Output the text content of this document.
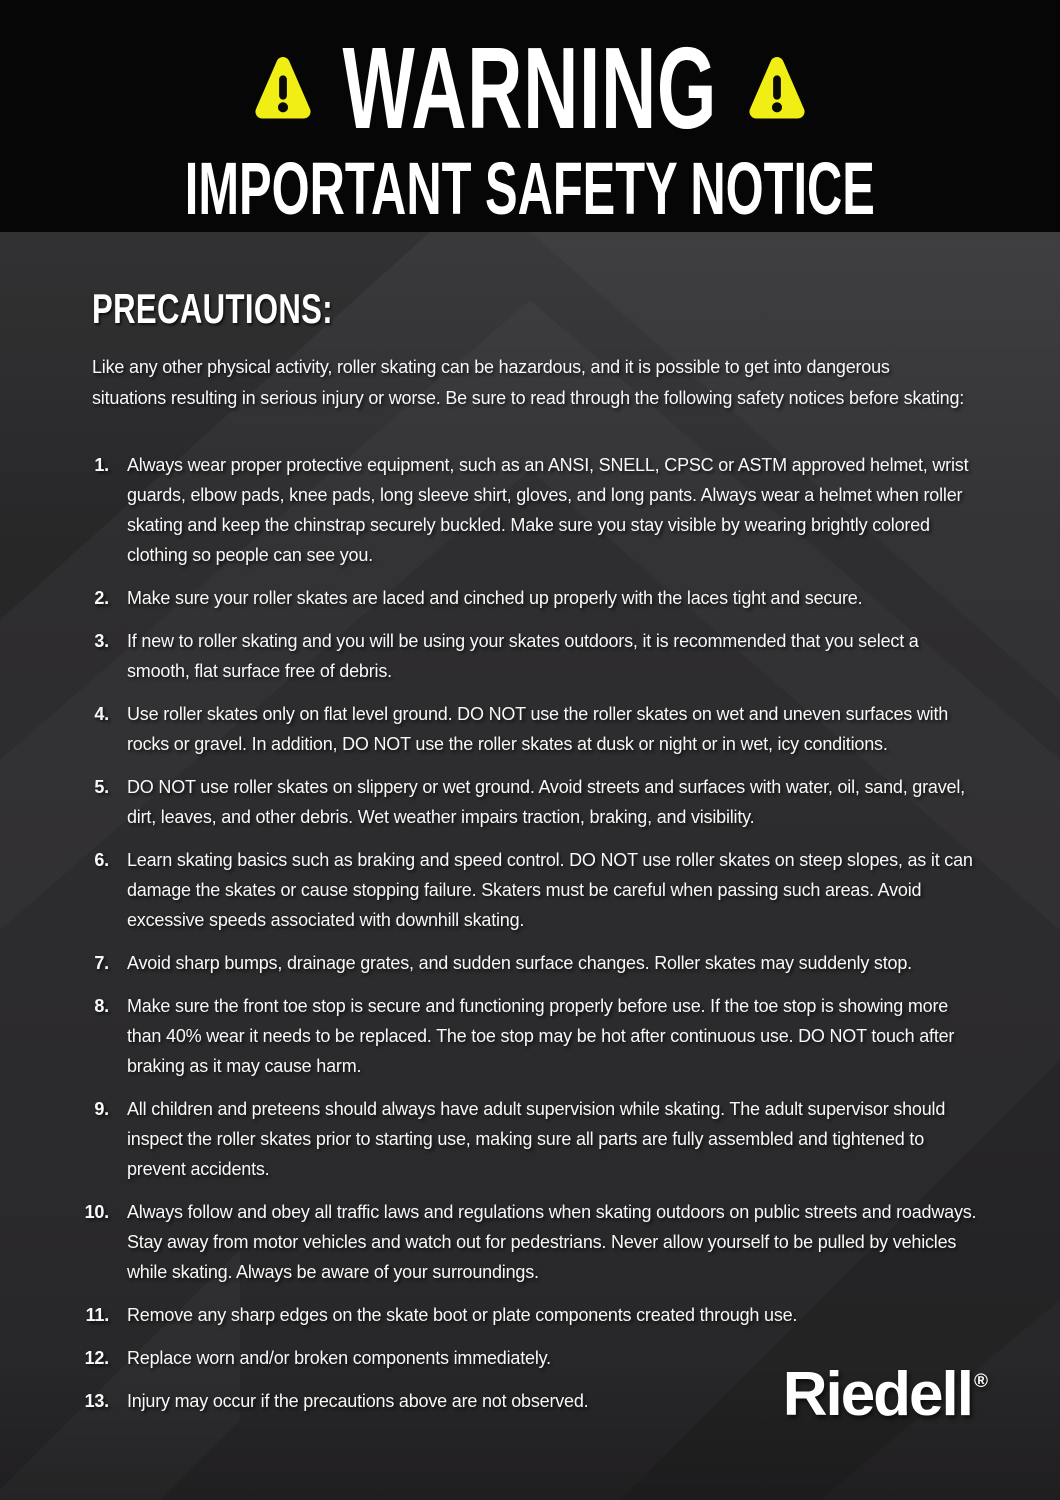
WARNING
IMPORTANT SAFETY NOTICE
PRECAUTIONS:

Like any other physical activity, roller skating can be hazardous, and it is possible to get into dangerous situations resulting in serious injury or worse. Be sure to read through the following safety notices before skating:

1.	Always wear proper protective equipment, such as an ANSI, SNELL, CPSC or ASTM approved helmet, wrist guards, elbow pads, knee pads, long sleeve shirt, gloves, and long pants. Always wear a helmet when roller skating and keep the chinstrap securely buckled. Make sure you stay visible by wearing brightly colored clothing so people can see you.
2.	Make sure your roller skates are laced and cinched up properly with the laces tight and secure.
3.	If new to roller skating and you will be using your skates outdoors, it is recommended that you select a smooth, flat surface free of debris.
4.	Use roller skates only on flat level ground. DO NOT use the roller skates on wet and uneven surfaces with rocks or gravel. In addition, DO NOT use the roller skates at dusk or night or in wet, icy conditions.
5.	DO NOT use roller skates on slippery or wet ground. Avoid streets and surfaces with water, oil, sand, gravel, dirt, leaves, and other debris. Wet weather impairs traction, braking, and visibility.
6.	Learn skating basics such as braking and speed control. DO NOT use roller skates on steep slopes, as it can damage the skates or cause stopping failure. Skaters must be careful when passing such areas. Avoid excessive speeds associated with downhill skating.
7.	Avoid sharp bumps, drainage grates, and sudden surface changes. Roller skates may suddenly stop.
8.	Make sure the front toe stop is secure and functioning properly before use. If the toe stop is showing more than 40% wear it needs to be replaced. The toe stop may be hot after continuous use. DO NOT touch after braking as it may cause harm.
9.	All children and preteens should always have adult supervision while skating. The adult supervisor should inspect the roller skates prior to starting use, making sure all parts are fully assembled and tightened to prevent accidents.
10.	Always follow and obey all traffic laws and regulations when skating outdoors on public streets and roadways. Stay away from motor vehicles and watch out for pedestrians. Never allow yourself to be pulled by vehicles while skating. Always be aware of your surroundings.
11.	Remove any sharp edges on the skate boot or plate components created through use.
12.	Replace worn and/or broken components immediately.
13.	Injury may occur if the precautions above are not observed.	Riedell ®
